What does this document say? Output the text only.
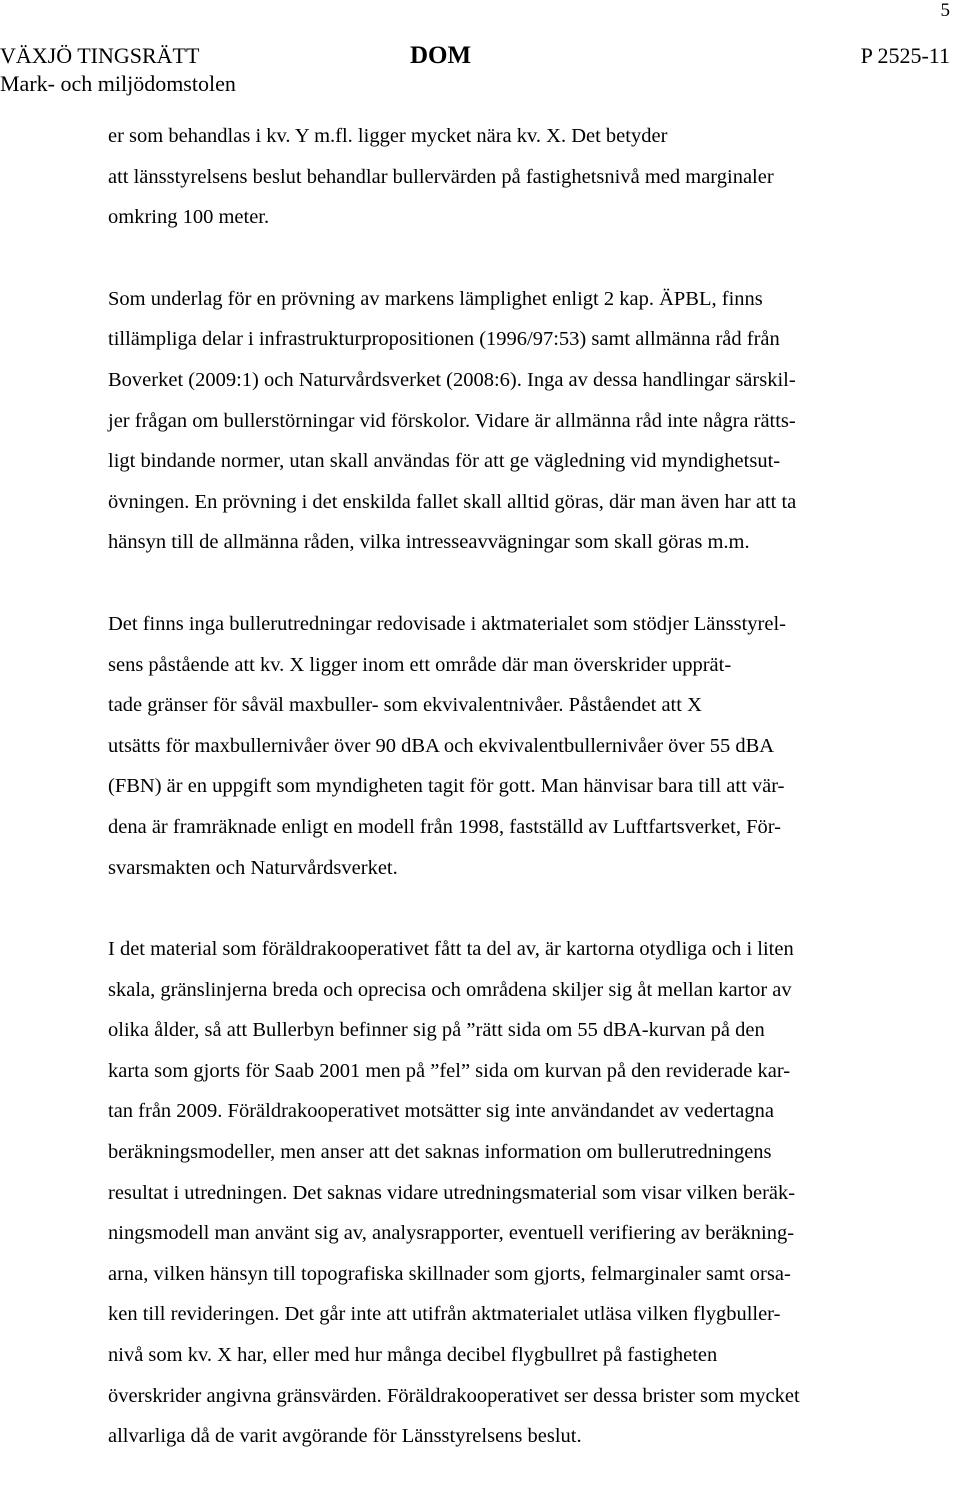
5
VÄXJÖ TINGSRÄTT
Mark- och miljödomstolen
DOM	P 2525-11
er som behandlas i kv. Y m.fl. ligger mycket nära kv. X. Det betyder
att länsstyrelsens beslut behandlar bullervärden på fastighetsnivå med marginaler
omkring 100 meter.
Som underlag för en prövning av markens lämplighet enligt 2 kap. ÄPBL, finns
tillämpliga delar i infrastrukturpropositionen (1996/97:53) samt allmänna råd från
Boverket (2009:1) och Naturvårdsverket (2008:6). Inga av dessa handlingar särskil-
jer frågan om bullerstörningar vid förskolor. Vidare är allmänna råd inte några rätts-
ligt bindande normer, utan skall användas för att ge vägledning vid myndighetsut-
övningen. En prövning i det enskilda fallet skall alltid göras, där man även har att ta
hänsyn till de allmänna råden, vilka intresseavvägningar som skall göras m.m.
Det finns inga bullerutredningar redovisade i aktmaterialet som stödjer Länsstyrel-
sens påstående att kv. X ligger inom ett område där man överskrider upprät-
tade gränser för såväl maxbuller- som ekvivalentnivåer. Påståendet att X
utsätts för maxbullernivåer över 90 dBA och ekvivalentbullernivåer över 55 dBA
(FBN) är en uppgift som myndigheten tagit för gott. Man hänvisar bara till att vär-
dena är framräknade enligt en modell från 1998, fastställd av Luftfartsverket, För-
svarsmakten och Naturvårdsverket.
I det material som föräldrakooperativet fått ta del av, är kartorna otydliga och i liten
skala, gränslinjerna breda och oprecisa och områdena skiljer sig åt mellan kartor av
olika ålder, så att Bullerbyn befinner sig på ”rätt sida om 55 dBA-kurvan på den
karta som gjorts för Saab 2001 men på ”fel” sida om kurvan på den reviderade kar-
tan från 2009. Föräldrakooperativet motsätter sig inte användandet av vedertagna
beräkningsmodeller, men anser att det saknas information om bullerutredningens
resultat i utredningen. Det saknas vidare utredningsmaterial som visar vilken beräk-
ningsmodell man använt sig av, analysrapporter, eventuell verifiering av beräkning-
arna, vilken hänsyn till topografiska skillnader som gjorts, felmarginaler samt orsa-
ken till revideringen. Det går inte att utifrån aktmaterialet utläsa vilken flygbuller-
nivå som kv. X har, eller med hur många decibel flygbullret på fastigheten
överskrider angivna gränsvärden. Föräldrakooperativet ser dessa brister som mycket
allvarliga då de varit avgörande för Länsstyrelsens beslut.
